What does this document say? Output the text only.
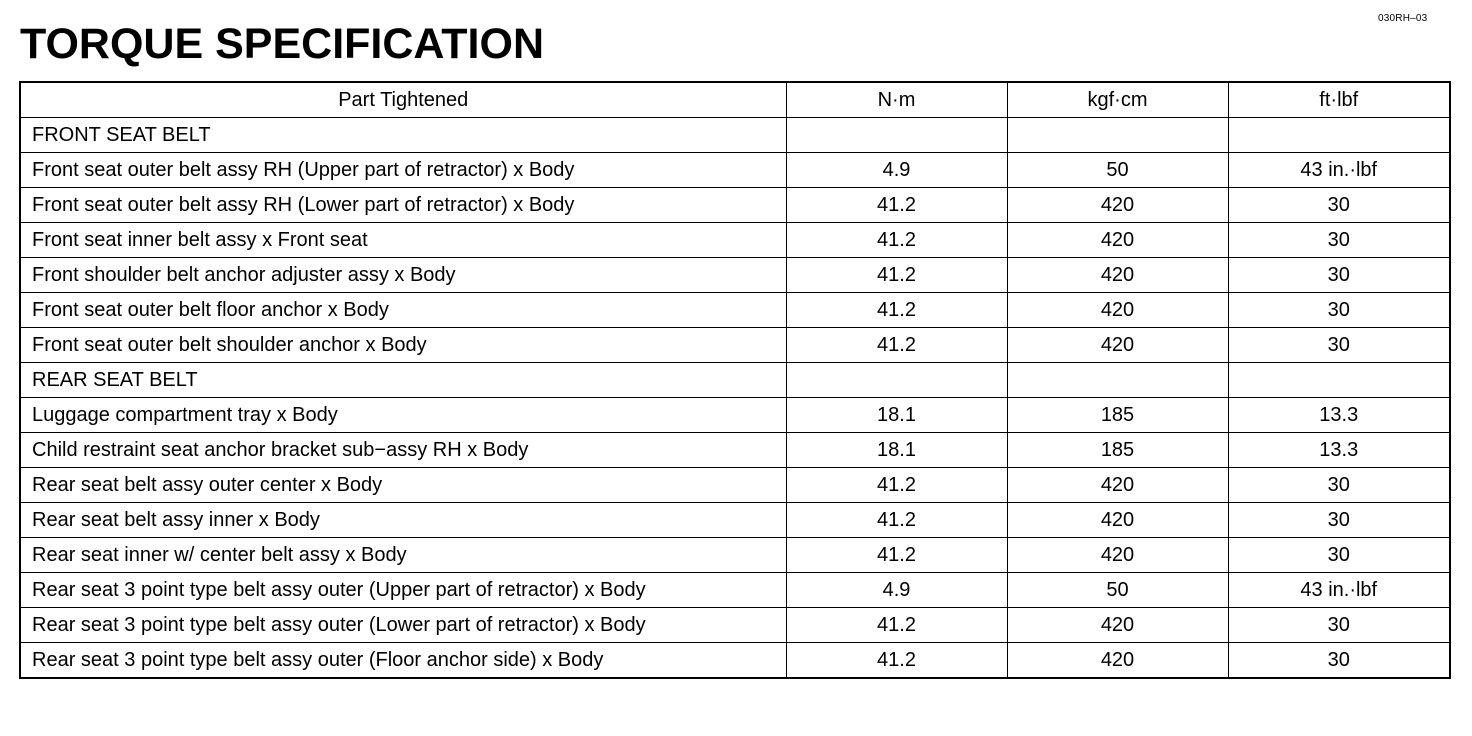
030RH–03
TORQUE SPECIFICATION
Part Tightened	N·m	kgf·cm	ft·lbf
FRONT SEAT BELT			
Front seat outer belt assy RH (Upper part of retractor) x Body	4.9	50	43 in.·lbf
Front seat outer belt assy RH (Lower part of retractor) x Body	41.2	420	30
Front seat inner belt assy x Front seat	41.2	420	30
Front shoulder belt anchor adjuster assy x Body	41.2	420	30
Front seat outer belt floor anchor x Body	41.2	420	30
Front seat outer belt shoulder anchor x Body	41.2	420	30
REAR SEAT BELT			
Luggage compartment tray x Body	18.1	185	13.3
Child restraint seat anchor bracket sub−assy RH x Body	18.1	185	13.3
Rear seat belt assy outer center x Body	41.2	420	30
Rear seat belt assy inner x Body	41.2	420	30
Rear seat inner w/ center belt assy x Body	41.2	420	30
Rear seat 3 point type belt assy outer (Upper part of retractor) x Body	4.9	50	43 in.·lbf
Rear seat 3 point type belt assy outer (Lower part of retractor) x Body	41.2	420	30
Rear seat 3 point type belt assy outer (Floor anchor side) x Body	41.2	420	30
